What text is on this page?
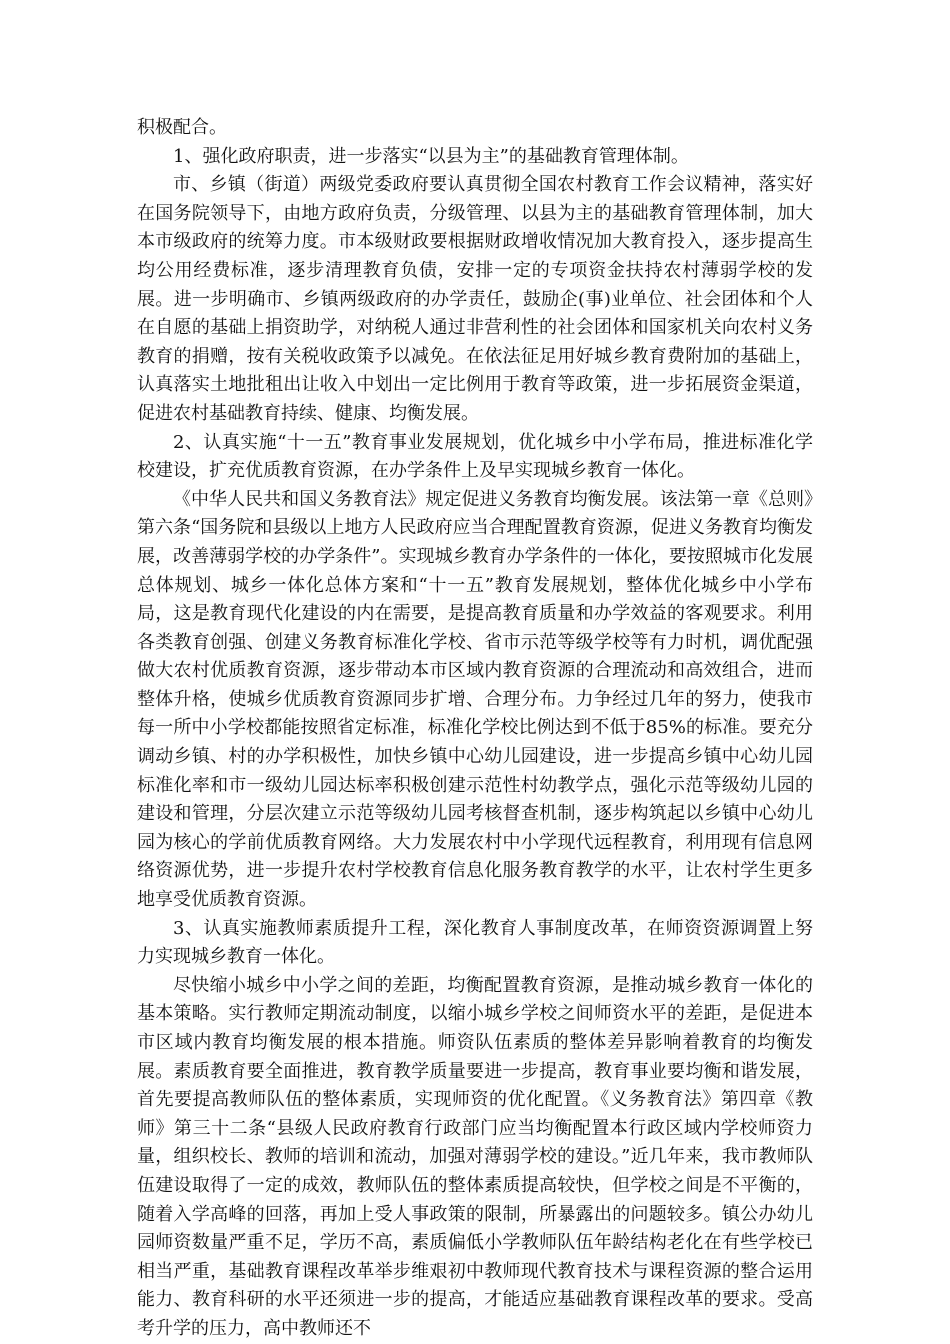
积极配合。

1、强化政府职责，进一步落实“以县为主”的基础教育管理体制。

市、乡镇（街道）两级党委政府要认真贯彻全国农村教育工作会议精神，落实好在国务院领导下，由地方政府负责，分级管理、以县为主的基础教育管理体制，加大本市级政府的统筹力度。市本级财政要根据财政增收情况加大教育投入，逐步提高生均公用经费标准，逐步清理教育负债，安排一定的专项资金扶持农村薄弱学校的发展。进一步明确市、乡镇两级政府的办学责任，鼓励企(事)业单位、社会团体和个人在自愿的基础上捐资助学，对纳税人通过非营利性的社会团体和国家机关向农村义务教育的捐赠，按有关税收政策予以减免。在依法征足用好城乡教育费附加的基础上，认真落实土地批租出让收入中划出一定比例用于教育等政策，进一步拓展资金渠道，促进农村基础教育持续、健康、均衡发展。

2、认真实施“十一五”教育事业发展规划，优化城乡中小学布局，推进标准化学校建设，扩充优质教育资源，在办学条件上及早实现城乡教育一体化。

《中华人民共和国义务教育法》规定促进义务教育均衡发展。该法第一章《总则》第六条“国务院和县级以上地方人民政府应当合理配置教育资源，促进义务教育均衡发展，改善薄弱学校的办学条件”。实现城乡教育办学条件的一体化，要按照城市化发展总体规划、城乡一体化总体方案和“十一五”教育发展规划，整体优化城乡中小学布局，这是教育现代化建设的内在需要，是提高教育质量和办学效益的客观要求。利用各类教育创强、创建义务教育标准化学校、省市示范等级学校等有力时机，调优配强做大农村优质教育资源，逐步带动本市区域内教育资源的合理流动和高效组合，进而整体升格，使城乡优质教育资源同步扩增、合理分布。力争经过几年的努力，使我市每一所中小学校都能按照省定标准，标准化学校比例达到不低于85%的标准。要充分调动乡镇、村的办学积极性，加快乡镇中心幼儿园建设，进一步提高乡镇中心幼儿园标准化率和市一级幼儿园达标率积极创建示范性村幼教学点，强化示范等级幼儿园的建设和管理，分层次建立示范等级幼儿园考核督查机制，逐步构筑起以乡镇中心幼儿园为核心的学前优质教育网络。大力发展农村中小学现代远程教育，利用现有信息网络资源优势，进一步提升农村学校教育信息化服务教育教学的水平，让农村学生更多地享受优质教育资源。

3、认真实施教师素质提升工程，深化教育人事制度改革，在师资资源调置上努力实现城乡教育一体化。

尽快缩小城乡中小学之间的差距，均衡配置教育资源，是推动城乡教育一体化的基本策略。实行教师定期流动制度，以缩小城乡学校之间师资水平的差距，是促进本市区域内教育均衡发展的根本措施。师资队伍素质的整体差异影响着教育的均衡发展。素质教育要全面推进，教育教学质量要进一步提高，教育事业要均衡和谐发展，首先要提高教师队伍的整体素质，实现师资的优化配置。《义务教育法》第四章《教师》第三十二条“县级人民政府教育行政部门应当均衡配置本行政区域内学校师资力量，组织校长、教师的培训和流动，加强对薄弱学校的建设。”近几年来，我市教师队伍建设取得了一定的成效，教师队伍的整体素质提高较快，但学校之间是不平衡的，随着入学高峰的回落，再加上受人事政策的限制，所暴露出的问题较多。镇公办幼儿园师资数量严重不足，学历不高，素质偏低小学教师队伍年龄结构老化在有些学校已相当严重，基础教育课程改革举步维艰初中教师现代教育技术与课程资源的整合运用能力、教育科研的水平还须进一步的提高，才能适应基础教育课程改革的要求。受高考升学的压力，高中教师还不
